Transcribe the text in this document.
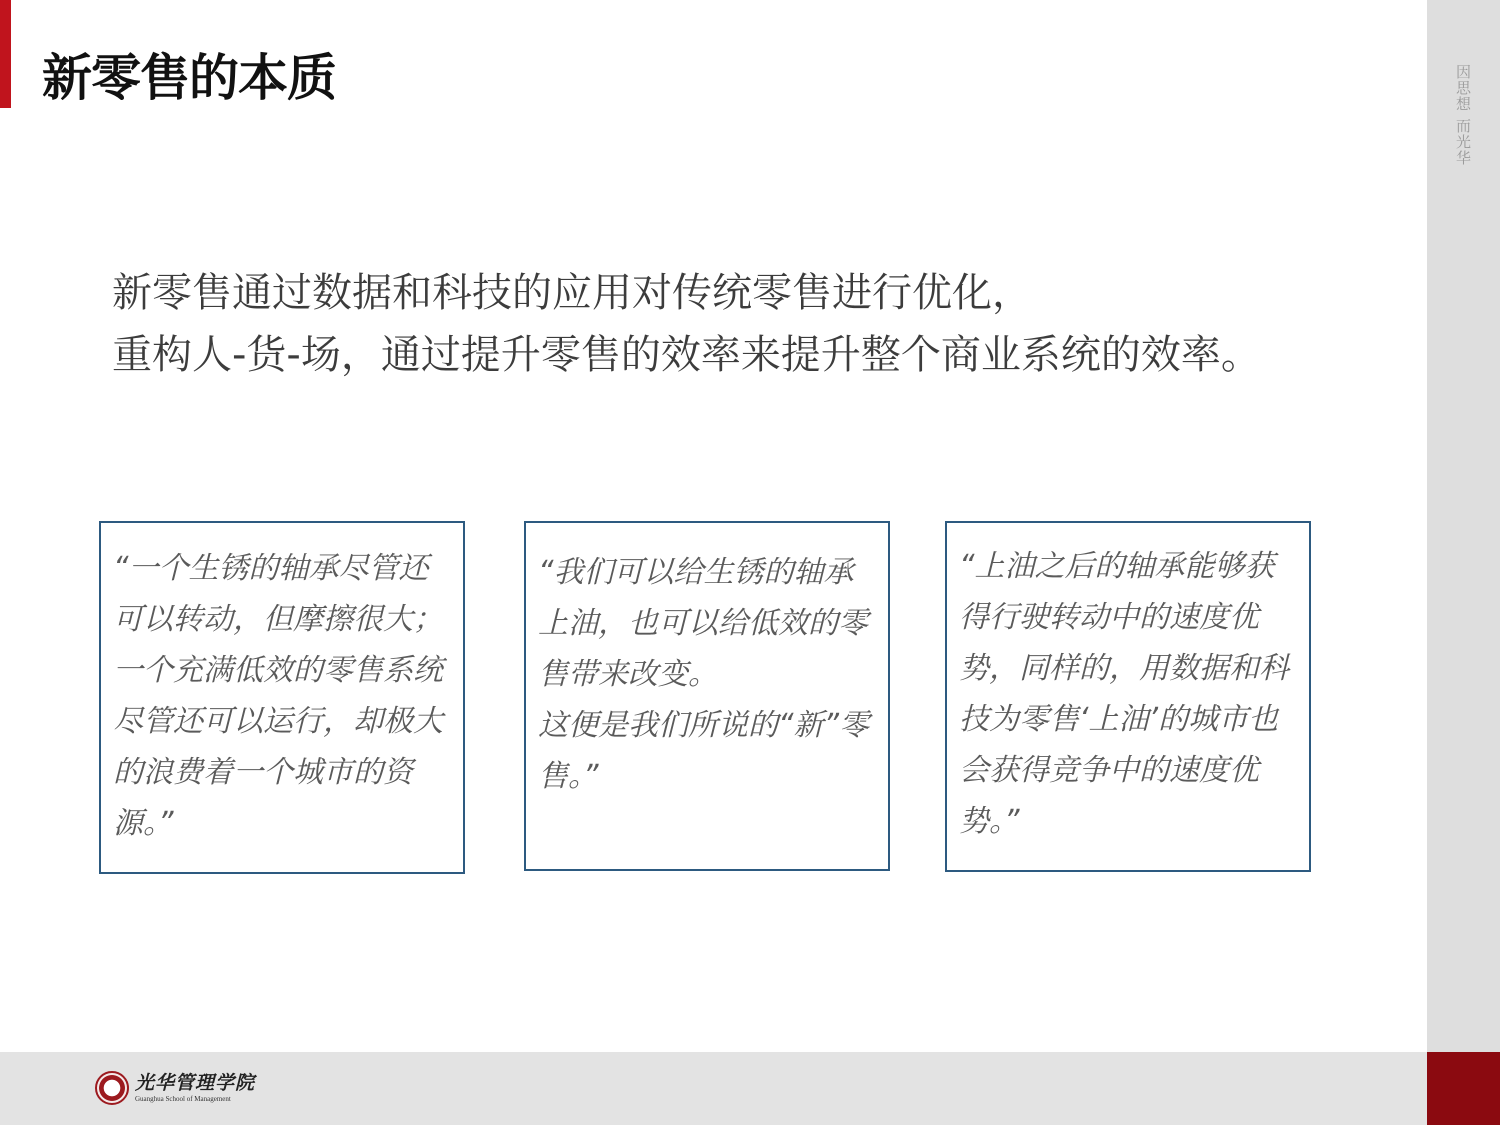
新零售的本质	因思想 而光华
新零售通过数据和科技的应用对传统零售进行优化，
重构人-货-场，通过提升零售的效率来提升整个商业系统的效率。

“一个生锈的轴承尽管还可以转动，但摩擦很大；一个充满低效的零售系统尽管还可以运行，却极大的浪费着一个城市的资源。”

“我们可以给生锈的轴承上油，也可以给低效的零售带来改变。

这便是我们所说的“新”零售。”

“上油之后的轴承能够获得行驶转动中的速度优势，同样的，用数据和科技为零售‘上油’的城市也会获得竞争中的速度优势。”

光华管理学院
Guanghua School of Management
